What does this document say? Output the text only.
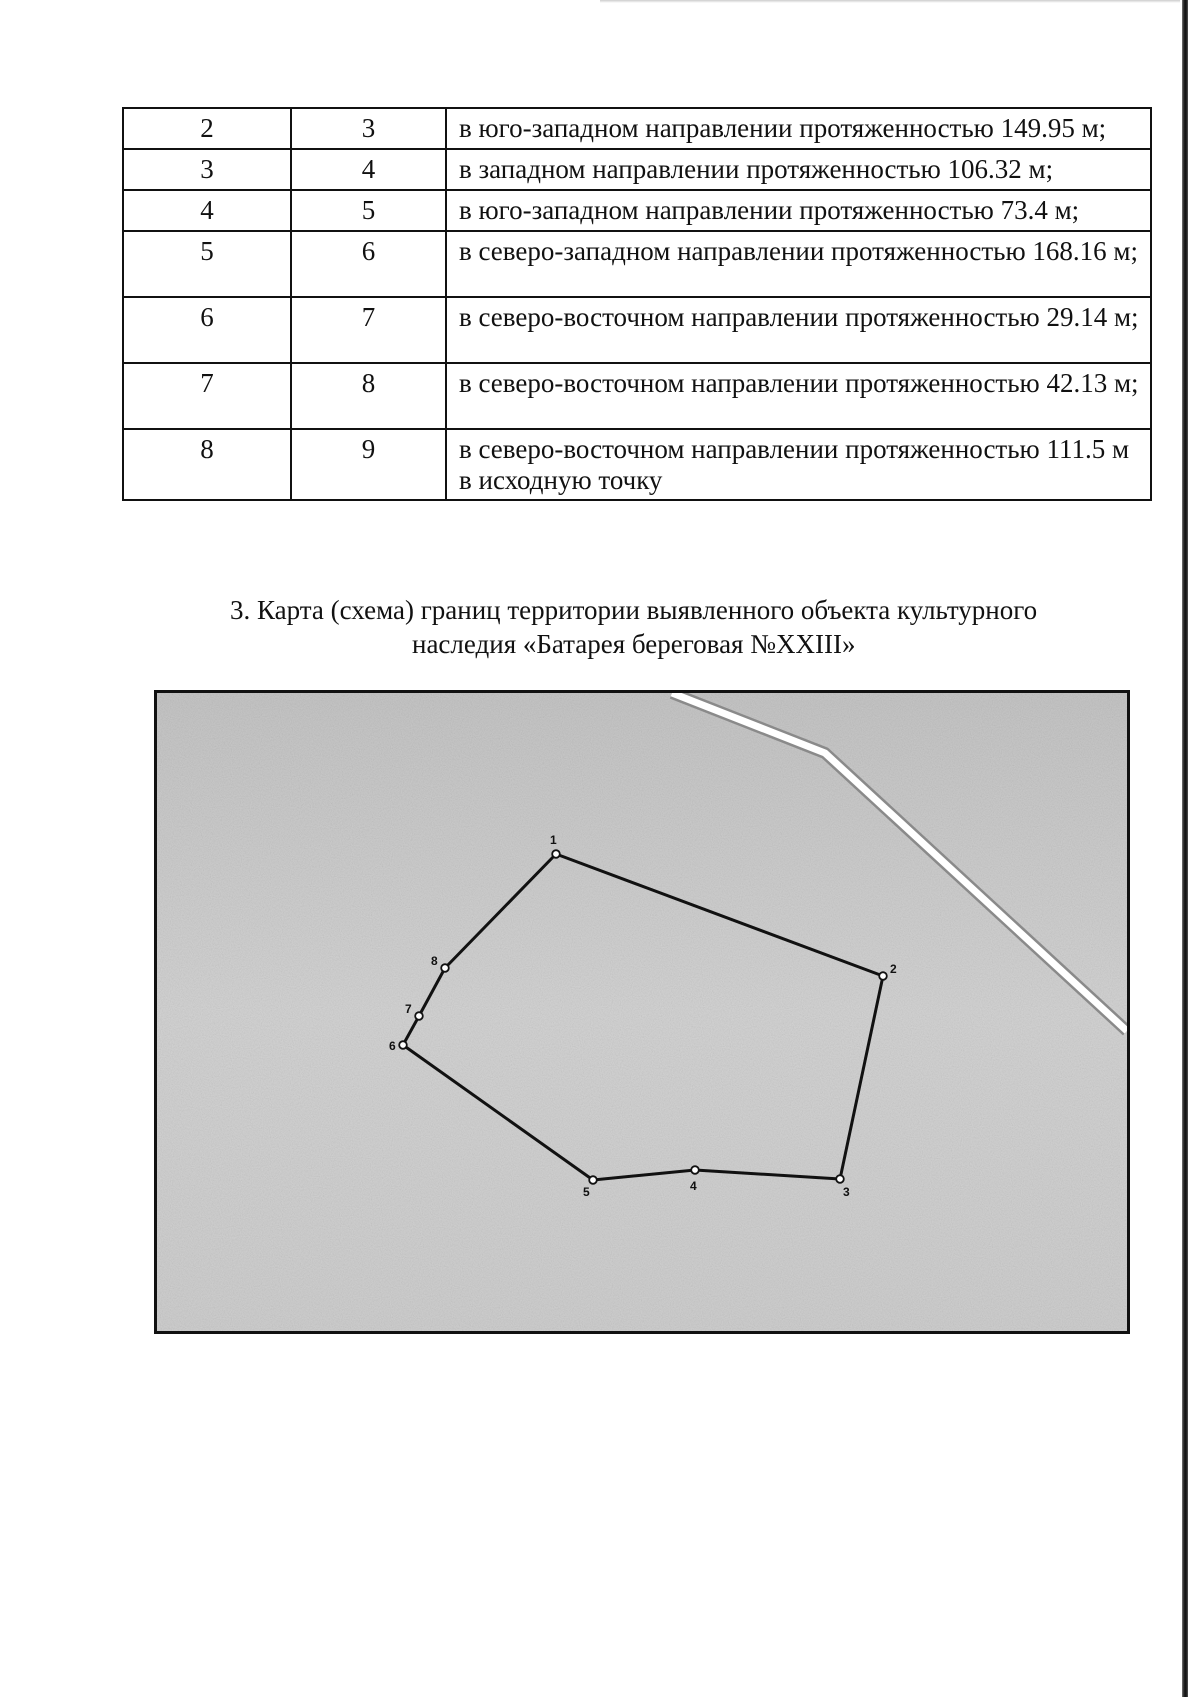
2	3	в юго-западном направлении протяженностью 149.95 м;
3	4	в западном направлении протяженностью 106.32 м;
4	5	в юго-западном направлении протяженностью 73.4 м;
5	6	в северо-западном направлении протяженностью 168.16 м;
6	7	в северо-восточном направлении протяженностью 29.14 м;
7	8	в северо-восточном направлении протяженностью 42.13 м;
8	9	в северо-восточном направлении протяженностью 111.5 м в исходную точку
3. Карта (схема) границ территории выявленного объекта культурного
наследия «Батарея береговая №XXIII»
1
2
3
4
5
6
7
8
